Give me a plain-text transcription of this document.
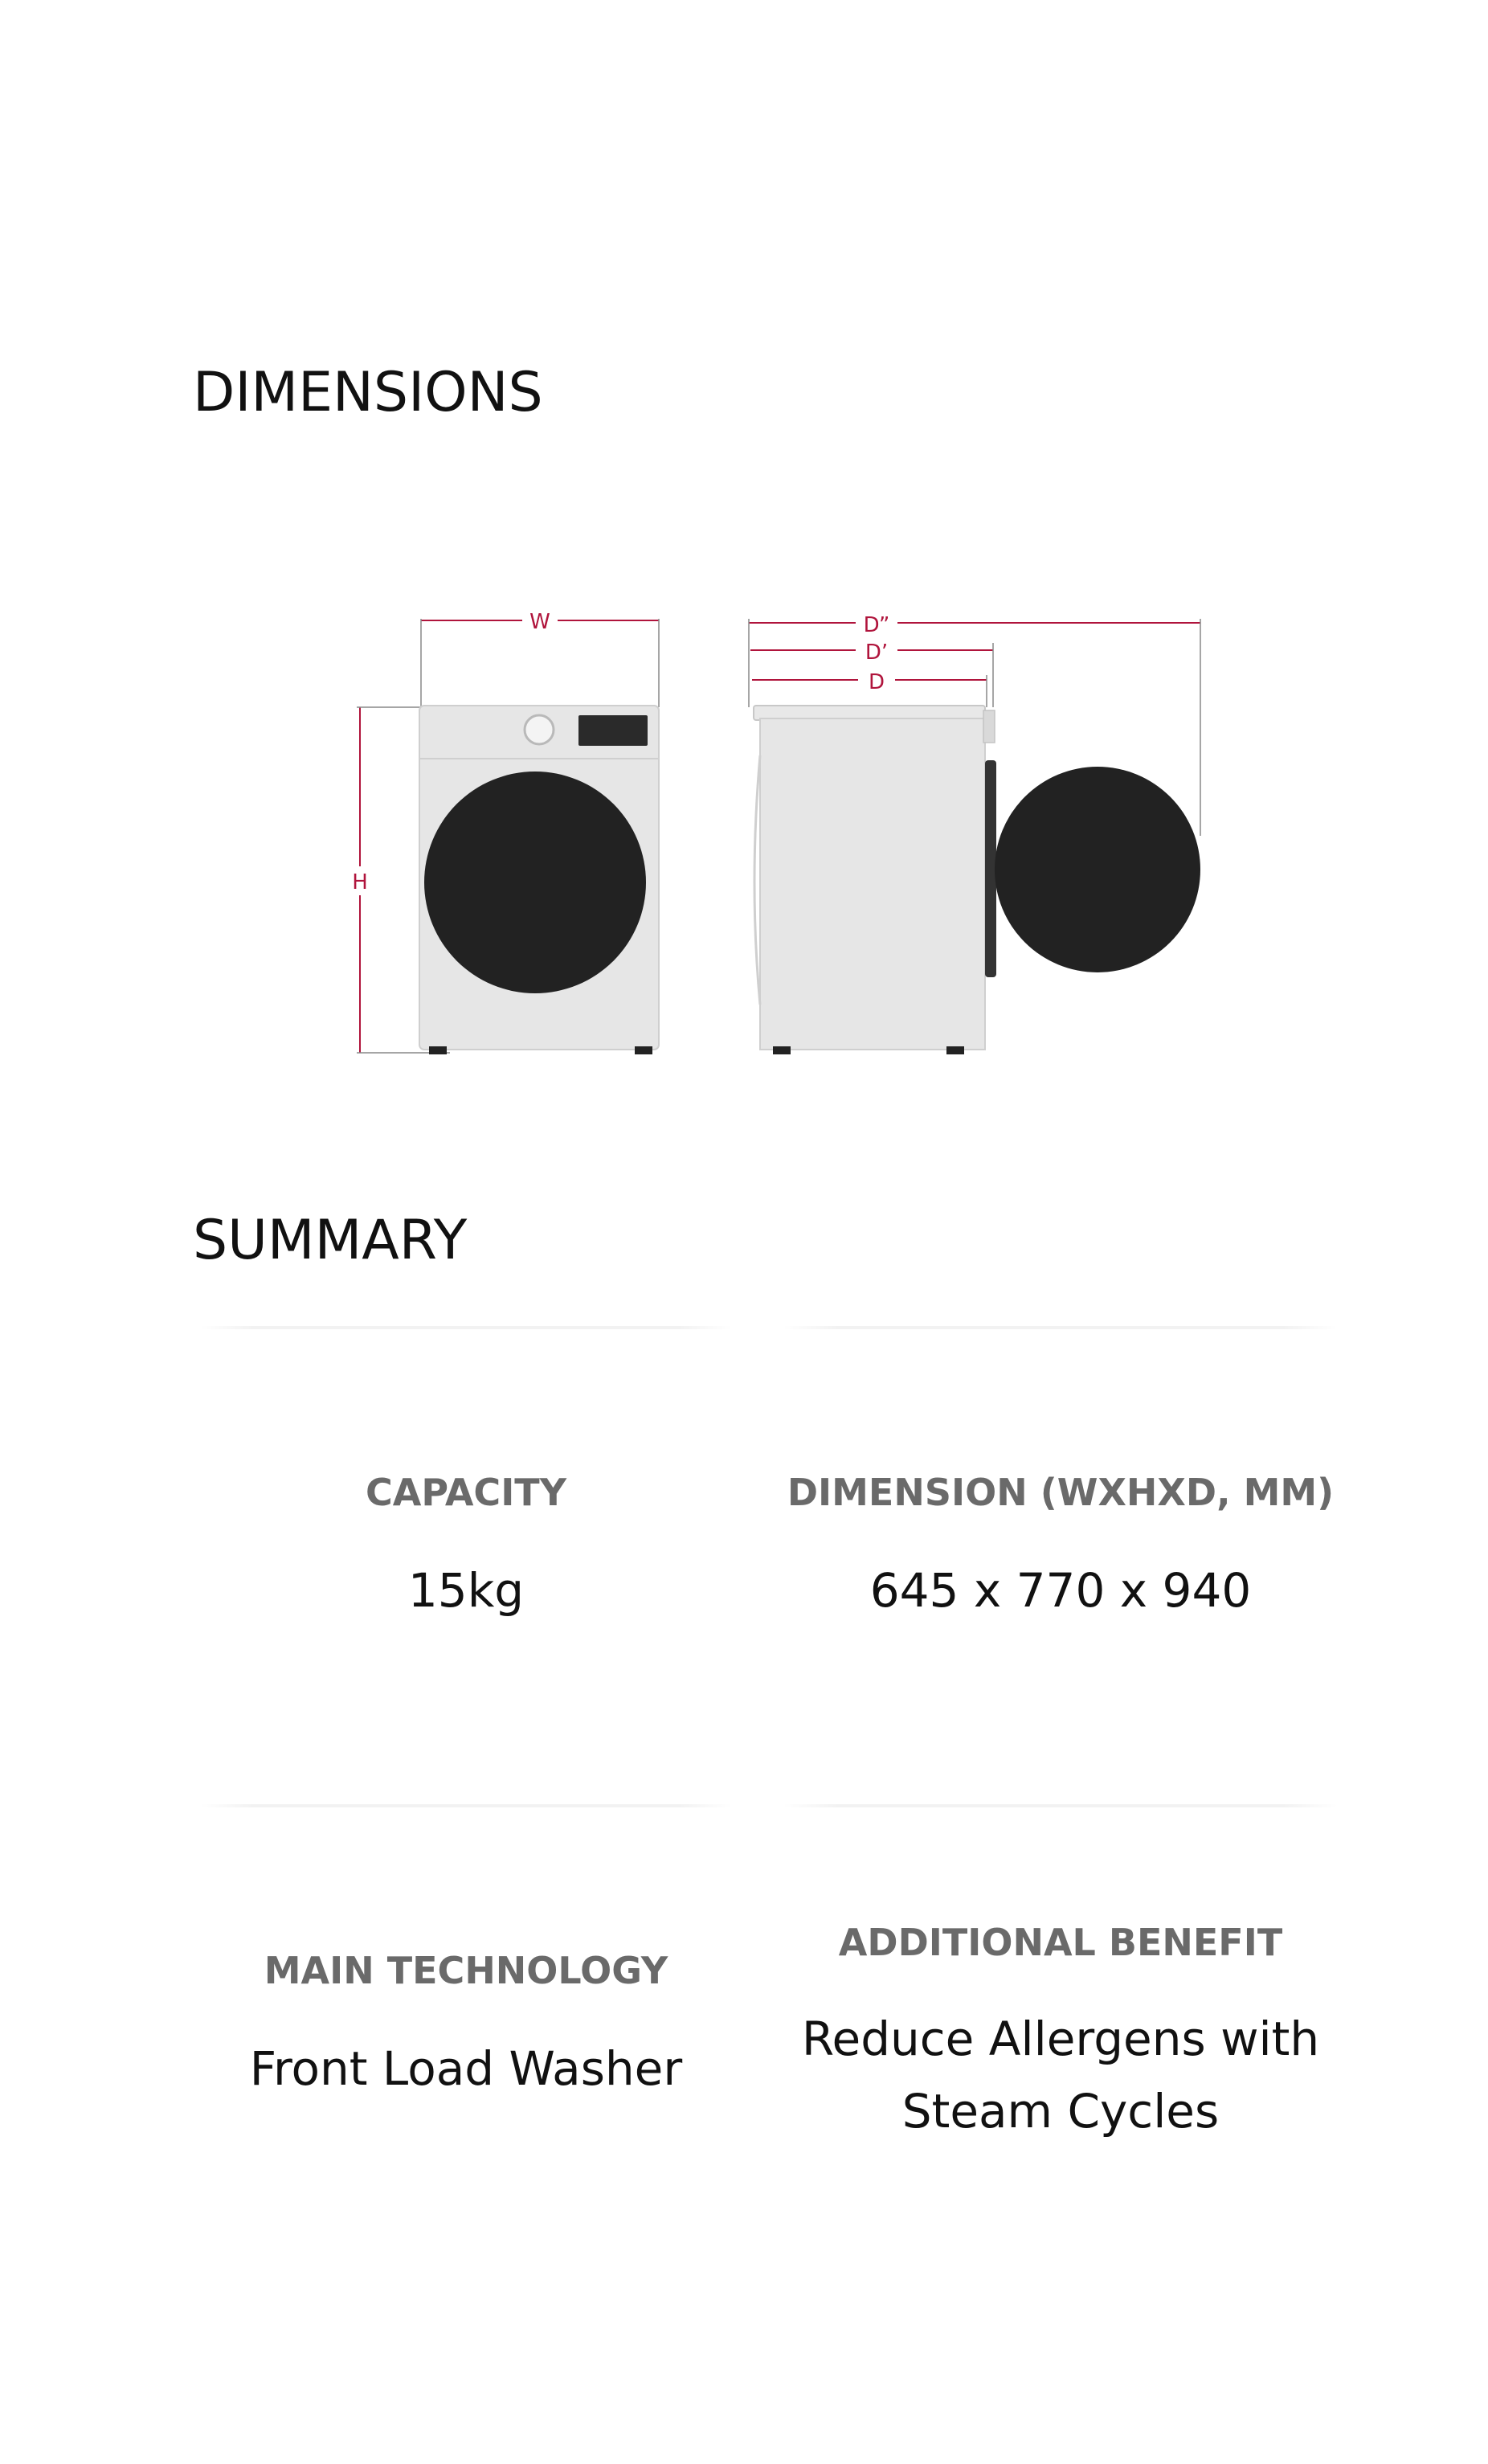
DIMENSIONS
W
H
D”
D’
D
SUMMARY
CAPACITY
15kg
DIMENSION (WXHXD, MM)
645 x 770 x 940
MAIN TECHNOLOGY
Front Load Washer
ADDITIONAL BENEFIT
Reduce Allergens with Steam Cycles
